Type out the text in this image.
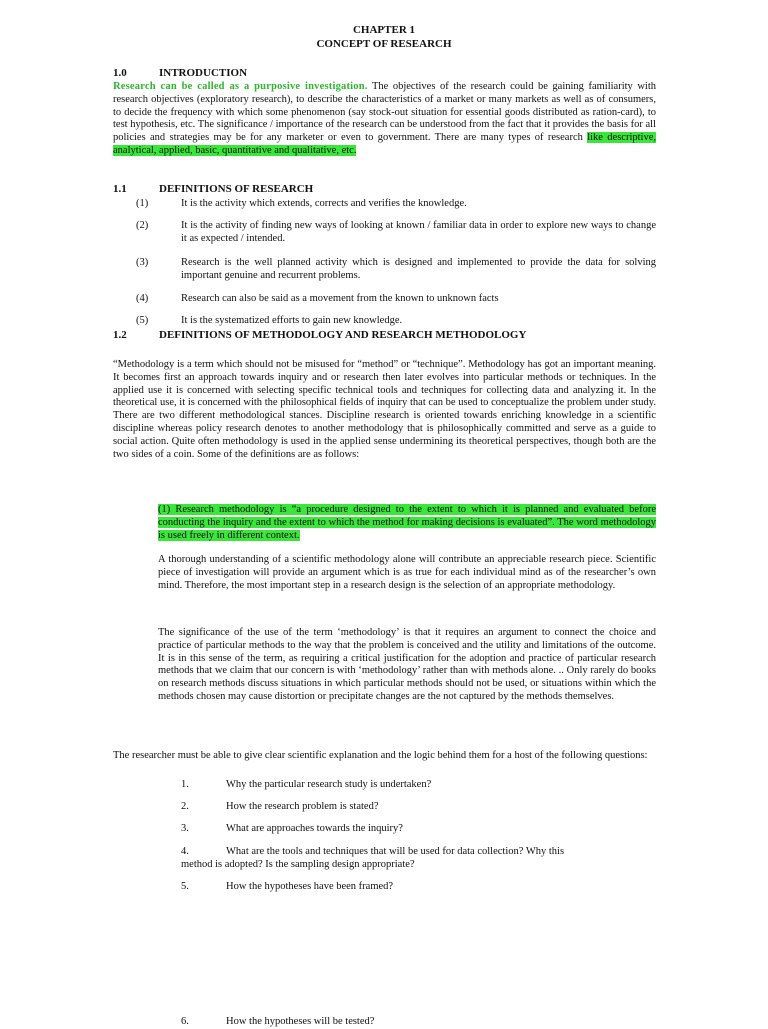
CHAPTER 1
CONCEPT OF RESEARCH
1.0	INTRODUCTION

Research can be called as a purposive investigation. The objectives of the research could be gaining familiarity with research objectives (exploratory research), to describe the characteristics of a market or many markets as well as of consumers, to decide the frequency with which some phenomenon (say stock-out situation for essential goods distributed as ration-card), to test hypothesis, etc. The significance / importance of the research can be understood from the fact that it provides the basis for all policies and strategies may be for any marketer or even to government. There are many types of research like descriptive, analytical, applied, basic, quantitative and qualitative, etc.

1.1	DEFINITIONS OF RESEARCH
(1)	It is the activity which extends, corrects and verifies the knowledge.
(2)	It is the activity of finding new ways of looking at known / familiar data in order to explore new ways to change it as expected / intended.
(3)	Research is the well planned activity which is designed and implemented to provide the data for solving important genuine and recurrent problems.
(4)	Research can also be said as a movement from the known to unknown facts
(5)	It is the systematized efforts to gain new knowledge.
1.2	DEFINITIONS OF METHODOLOGY AND RESEARCH METHODOLOGY

“Methodology is a term which should not be misused for “method” or “technique”. Methodology has got an important meaning. It becomes first an approach towards inquiry and or research then later evolves into particular methods or techniques. In the applied use it is concerned with selecting specific technical tools and techniques for collecting data and analyzing it. In the theoretical use, it is concerned with the philosophical fields of inquiry that can be used to conceptualize the problem under study. There are two different methodological stances. Discipline research is oriented towards enriching knowledge in a scientific discipline whereas policy research denotes to another methodology that is philosophically committed and serve as a guide to social action. Quite often methodology is used in the applied sense undermining its theoretical perspectives, though both are the two sides of a coin. Some of the definitions are as follows:

(1) Research methodology is “a procedure designed to the extent to which it is planned and evaluated before conducting the inquiry and the extent to which the method for making decisions is evaluated”. The word methodology is used freely in different context.

A thorough understanding of a scientific methodology alone will contribute an appreciable research piece. Scientific piece of investigation will provide an argument which is as true for each individual mind as of the researcher’s own mind. Therefore, the most important step in a research design is the selection of an appropriate methodology.

The significance of the use of the term ‘methodology’ is that it requires an argument to connect the choice and practice of particular methods to the way that the problem is conceived and the utility and limitations of the outcome. It is in this sense of the term, as requiring a critical justification for the adoption and practice of particular research methods that we claim that our concern is with ‘methodology’ rather than with methods alone. .. Only rarely do books on research methods discuss situations in which particular methods should not be used, or situations within which the methods chosen may cause distortion or precipitate changes are the not captured by the methods themselves.

The researcher must be able to give clear scientific explanation and the logic behind them for a host of the following questions:

1.	Why the particular research study is undertaken?
2.	How the research problem is stated?
3.	What are approaches towards the inquiry?
4.	What are the tools and techniques that will be used for data collection? Why this
method is adopted? Is the sampling design appropriate?
5.	How the hypotheses have been framed?
6.	How the hypotheses will be tested?
